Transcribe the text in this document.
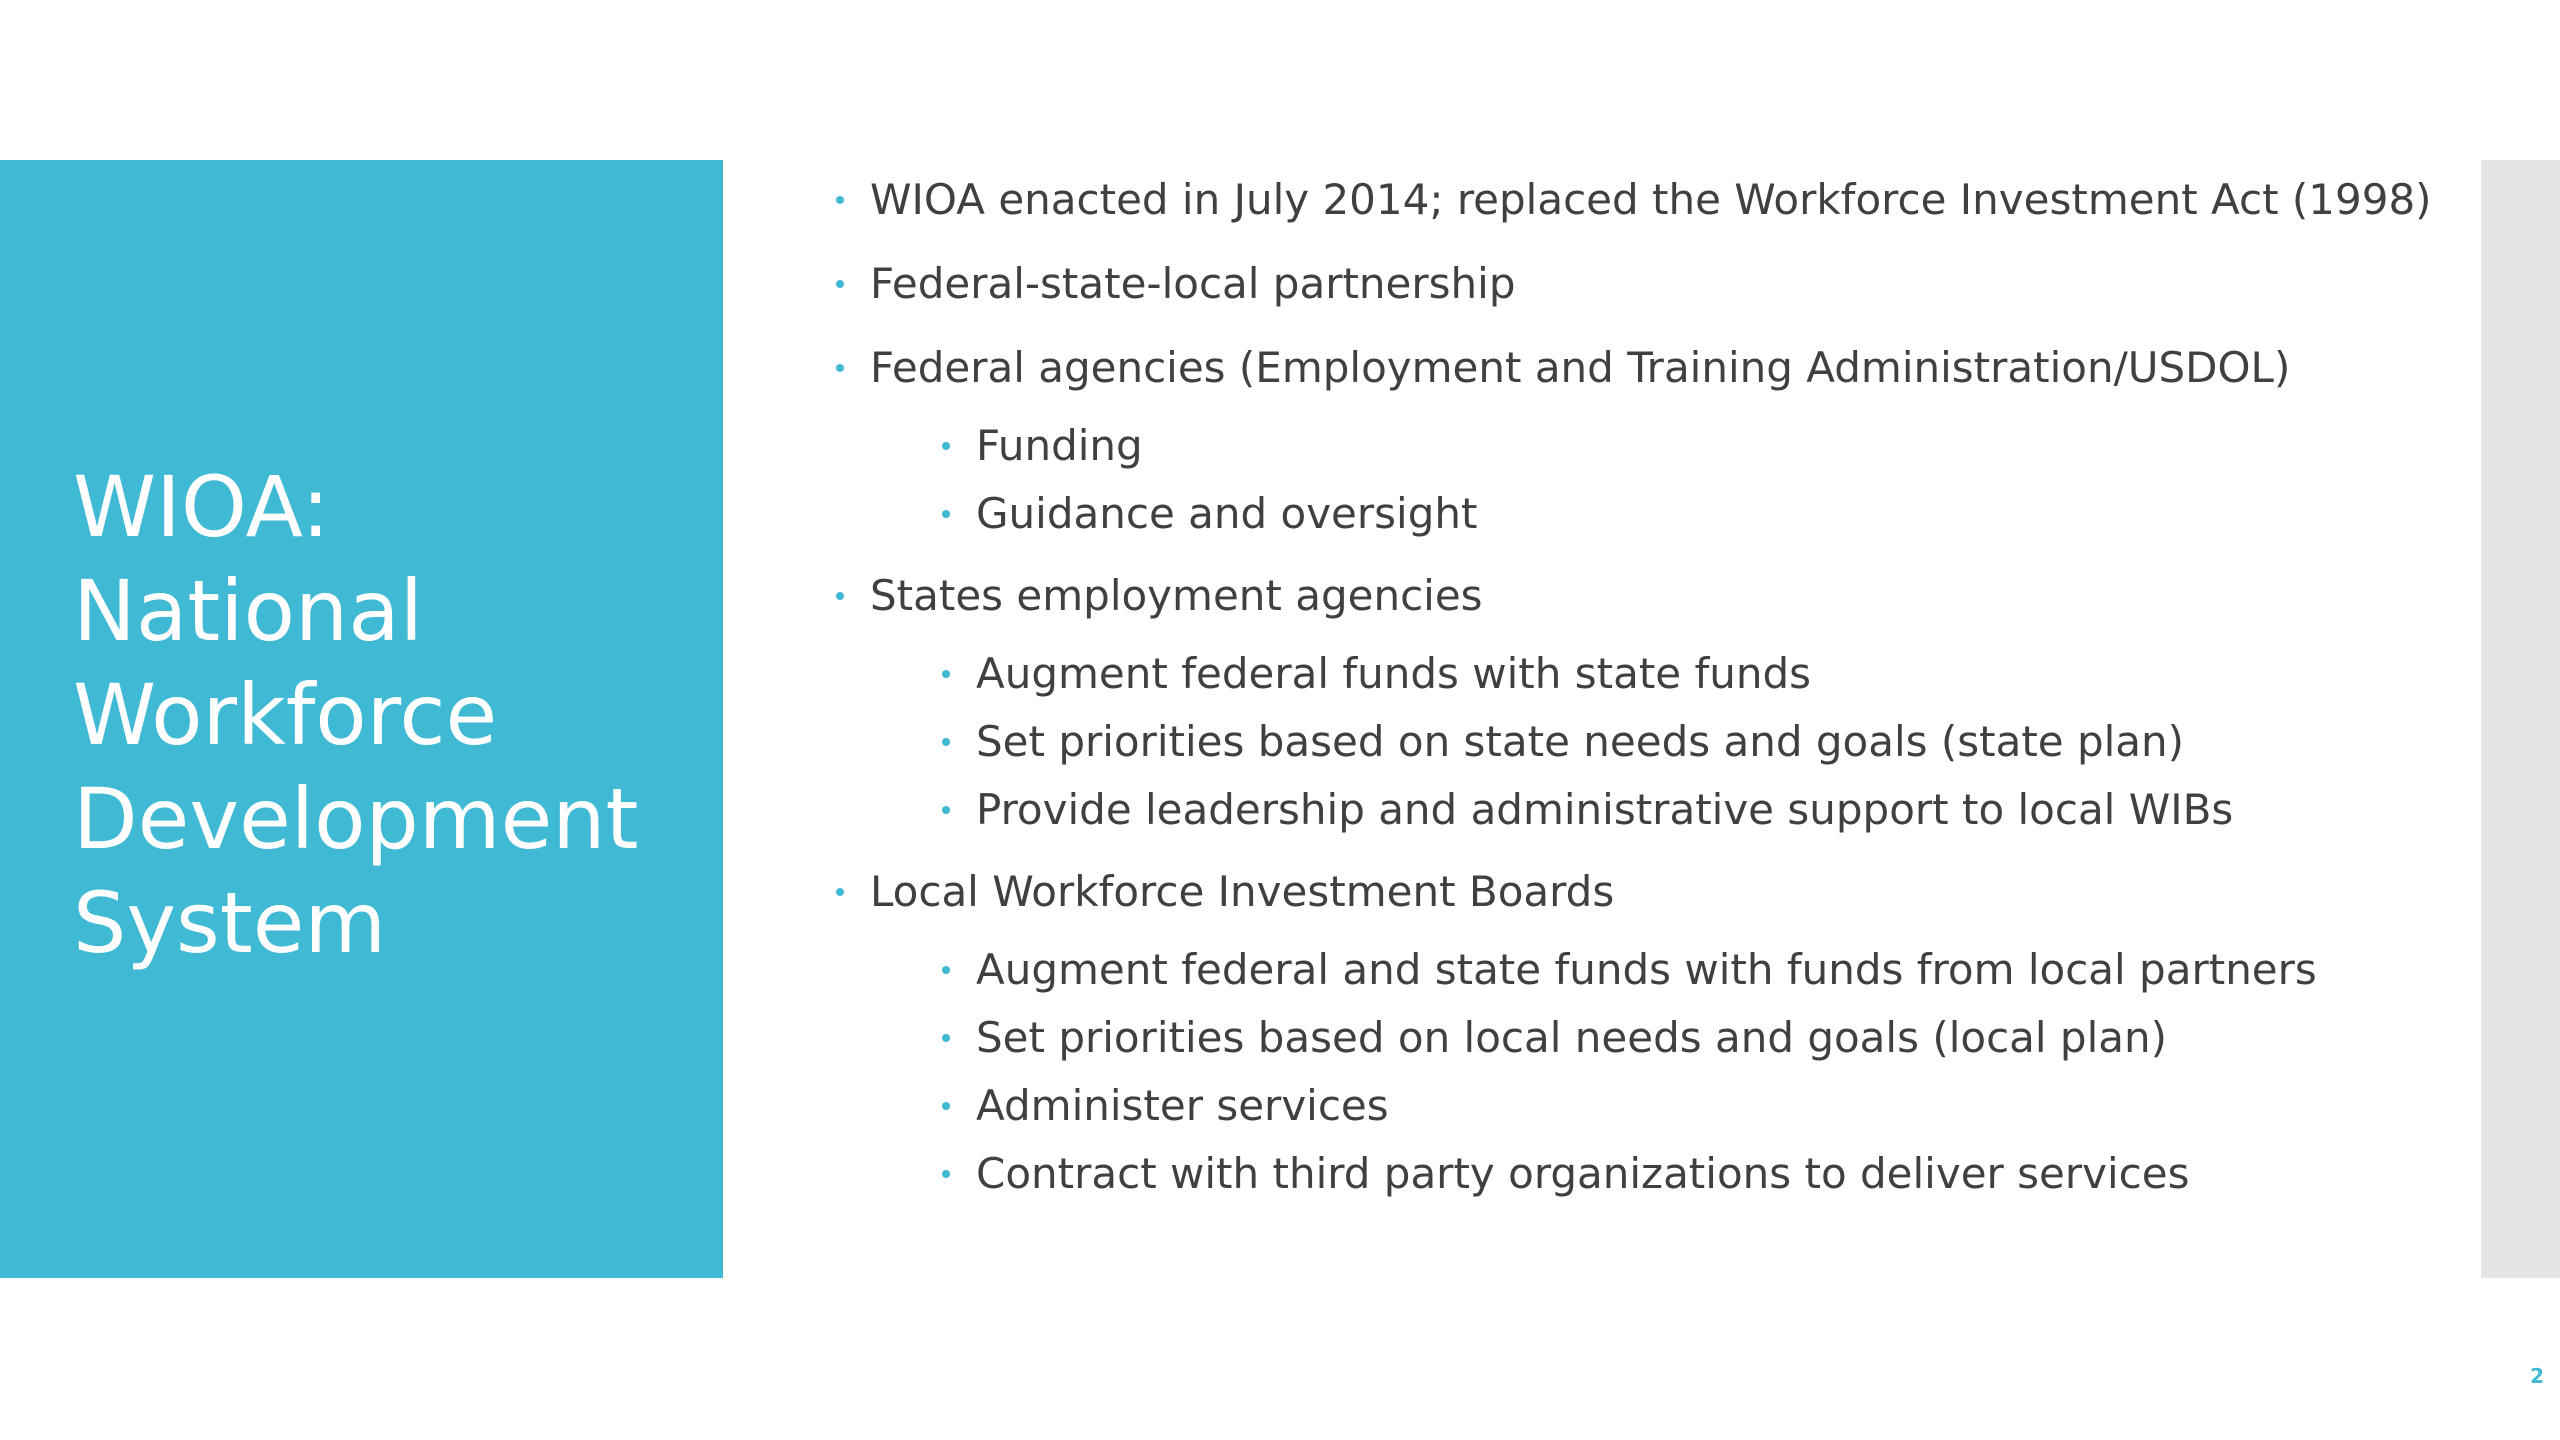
WIOA:
National
Workforce
Development
System
WIOA enacted in July 2014; replaced the Workforce Investment Act (1998)
Federal-state-local partnership
Federal agencies (Employment and Training Administration/USDOL)
Funding
Guidance and oversight
States employment agencies
Augment federal funds with state funds
Set priorities based on state needs and goals (state plan)
Provide leadership and administrative support to local WIBs
Local Workforce Investment Boards
Augment federal and state funds with funds from local partners
Set priorities based on local needs and goals (local plan)
Administer services
Contract with third party organizations to deliver services
2
